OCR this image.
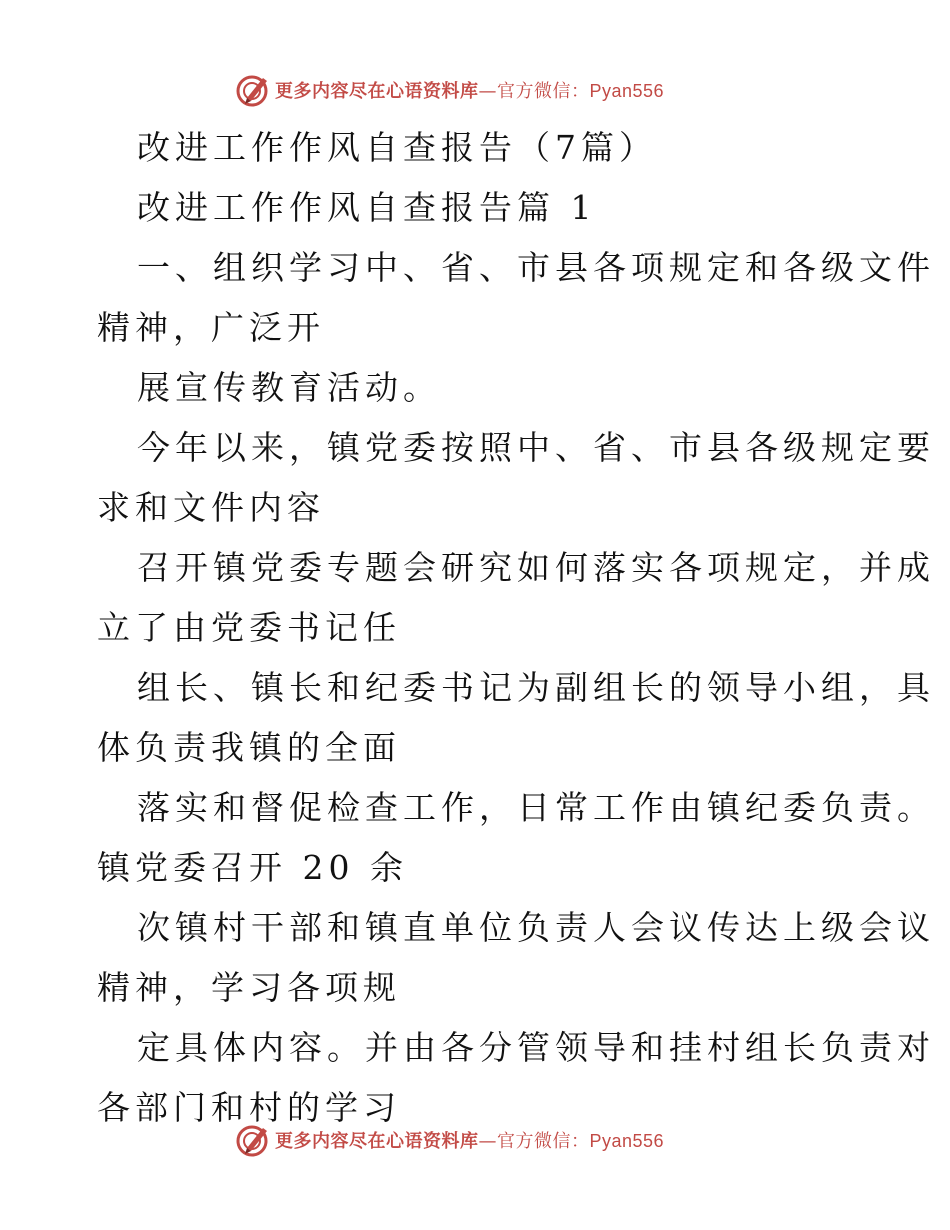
更多内容尽在心语资料库—官方微信：Pyan556

改进工作作风自查报告（7篇）

改进工作作风自查报告篇 1

一、组织学习中、省、市县各项规定和各级文件

精神，广泛开

展宣传教育活动。

今年以来，镇党委按照中、省、市县各级规定要

求和文件内容

召开镇党委专题会研究如何落实各项规定，并成

立了由党委书记任

组长、镇长和纪委书记为副组长的领导小组，具

体负责我镇的全面

落实和督促检查工作，日常工作由镇纪委负责。

镇党委召开 20 余

次镇村干部和镇直单位负责人会议传达上级会议

精神，学习各项规

定具体内容。并由各分管领导和挂村组长负责对

各部门和村的学习

更多内容尽在心语资料库—官方微信：Pyan556
